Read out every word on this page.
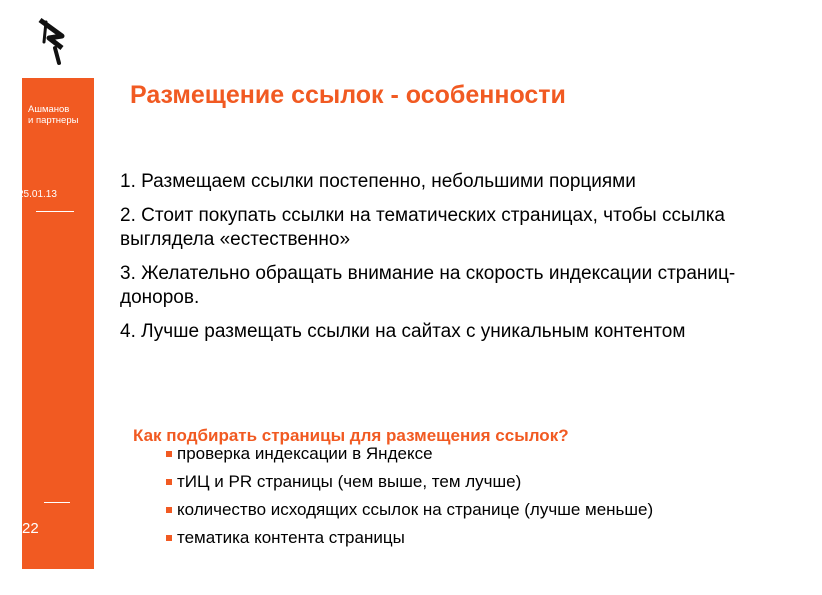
Ашманов
и партнеры
25.01.13
22
Размещение ссылок - особенности
1. Размещаем ссылки постепенно, небольшими порциями
2. Стоит покупать ссылки на тематических страницах, чтобы ссылка выглядела «естественно»
3. Желательно обращать внимание на скорость индексации страниц-доноров.
4. Лучше размещать ссылки на сайтах с уникальным контентом
Как подбирать страницы для размещения ссылок?
проверка индексации в Яндексе
тИЦ и PR страницы (чем выше, тем лучше)
количество исходящих ссылок на странице (лучше меньше)
тематика контента страницы
